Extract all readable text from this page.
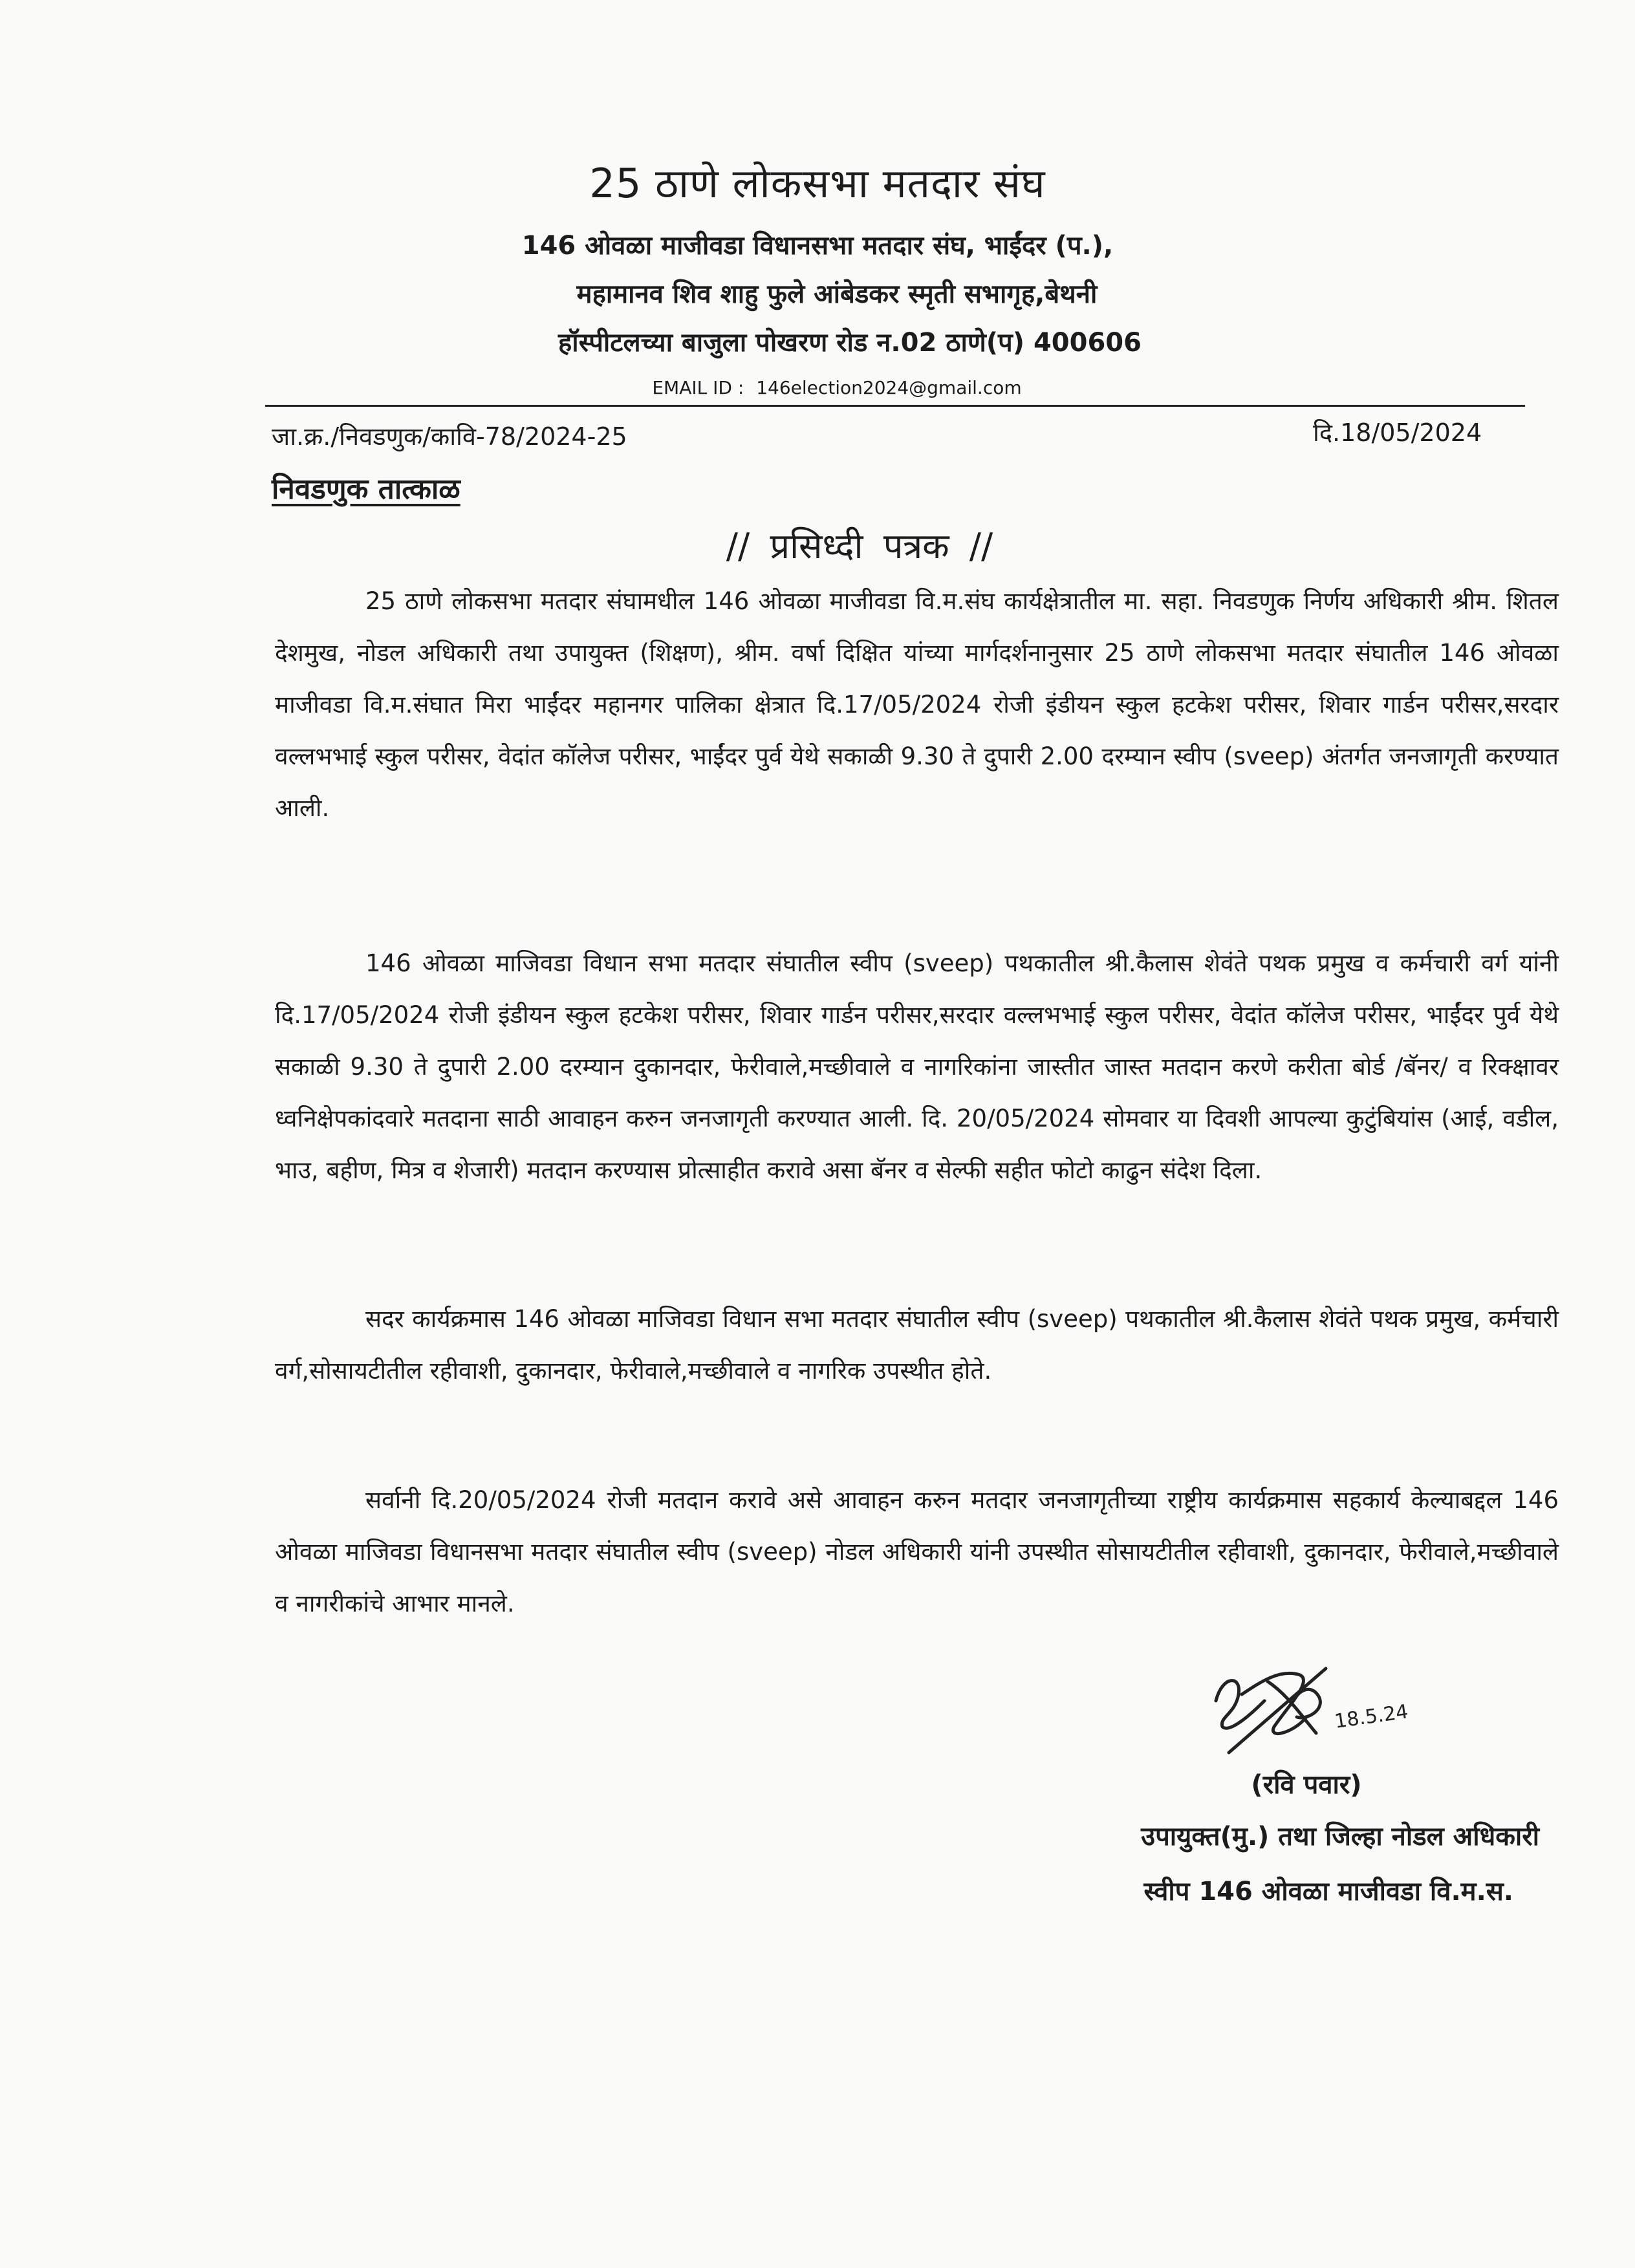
25 ठाणे लोकसभा मतदार संघ
146 ओवळा माजीवडा विधानसभा मतदार संघ, भाईंदर (प.),
महामानव शिव शाहु फुले आंबेडकर स्मृती सभागृह,बेथनी
हॉस्पीटलच्या बाजुला पोखरण रोड न.02 ठाणे(प) 400606
EMAIL ID : 146election2024@gmail.com
जा.क्र./निवडणुक/कावि-78/2024-25	दि.18/05/2024
निवडणुक तात्काळ
// प्रसिध्दी पत्रक //

25 ठाणे लोकसभा मतदार संघामधील 146 ओवळा माजीवडा वि.म.संघ कार्यक्षेत्रातील मा. सहा. निवडणुक निर्णय अधिकारी श्रीम. शितल देशमुख, नोडल अधिकारी तथा उपायुक्त (शिक्षण), श्रीम. वर्षा दिक्षित यांच्या मार्गदर्शनानुसार 25 ठाणे लोकसभा मतदार संघातील 146 ओवळा माजीवडा वि.म.संघात मिरा भाईंदर महानगर पालिका क्षेत्रात दि.17/05/2024 रोजी इंडीयन स्कुल हटकेश परीसर, शिवार गार्डन परीसर,सरदार वल्लभभाई स्कुल परीसर, वेदांत कॉलेज परीसर, भाईंदर पुर्व येथे सकाळी 9.30 ते दुपारी 2.00 दरम्यान स्वीप (sveep) अंतर्गत जनजागृती करण्यात आली.

146 ओवळा माजिवडा विधान सभा मतदार संघातील स्वीप (sveep) पथकातील श्री.कैलास शेवंते पथक प्रमुख व कर्मचारी वर्ग यांनी दि.17/05/2024 रोजी इंडीयन स्कुल हटकेश परीसर, शिवार गार्डन परीसर,सरदार वल्लभभाई स्कुल परीसर, वेदांत कॉलेज परीसर, भाईंदर पुर्व येथे सकाळी 9.30 ते दुपारी 2.00 दरम्यान दुकानदार, फेरीवाले,मच्छीवाले व नागरिकांना जास्तीत जास्त मतदान करणे करीता बोर्ड /बॅनर/ व रिक्क्षावर ध्वनिक्षेपकांदवारे मतदाना साठी आवाहन करुन जनजागृती करण्यात आली. दि. 20/05/2024 सोमवार या दिवशी आपल्या कुटुंबियांस (आई, वडील, भाउ, बहीण, मित्र व शेजारी) मतदान करण्यास प्रोत्साहीत करावे असा बॅनर व सेल्फी सहीत फोटो काढुन संदेश दिला.

सदर कार्यक्रमास 146 ओवळा माजिवडा विधान सभा मतदार संघातील स्वीप (sveep) पथकातील श्री.कैलास शेवंते पथक प्रमुख, कर्मचारी वर्ग,सोसायटीतील रहीवाशी, दुकानदार, फेरीवाले,मच्छीवाले व नागरिक उपस्थीत होते.

सर्वानी दि.20/05/2024 रोजी मतदान करावे असे आवाहन करुन मतदार जनजागृतीच्या राष्ट्रीय कार्यक्रमास सहकार्य केल्याबद्दल 146 ओवळा माजिवडा विधानसभा मतदार संघातील स्वीप (sveep) नोडल अधिकारी यांनी उपस्थीत सोसायटीतील रहीवाशी, दुकानदार, फेरीवाले,मच्छीवाले व नागरीकांचे आभार मानले.

18.5.24
(रवि पवार)
उपायुक्त(मु.) तथा जिल्हा नोडल अधिकारी
स्वीप 146 ओवळा माजीवडा वि.म.स.
